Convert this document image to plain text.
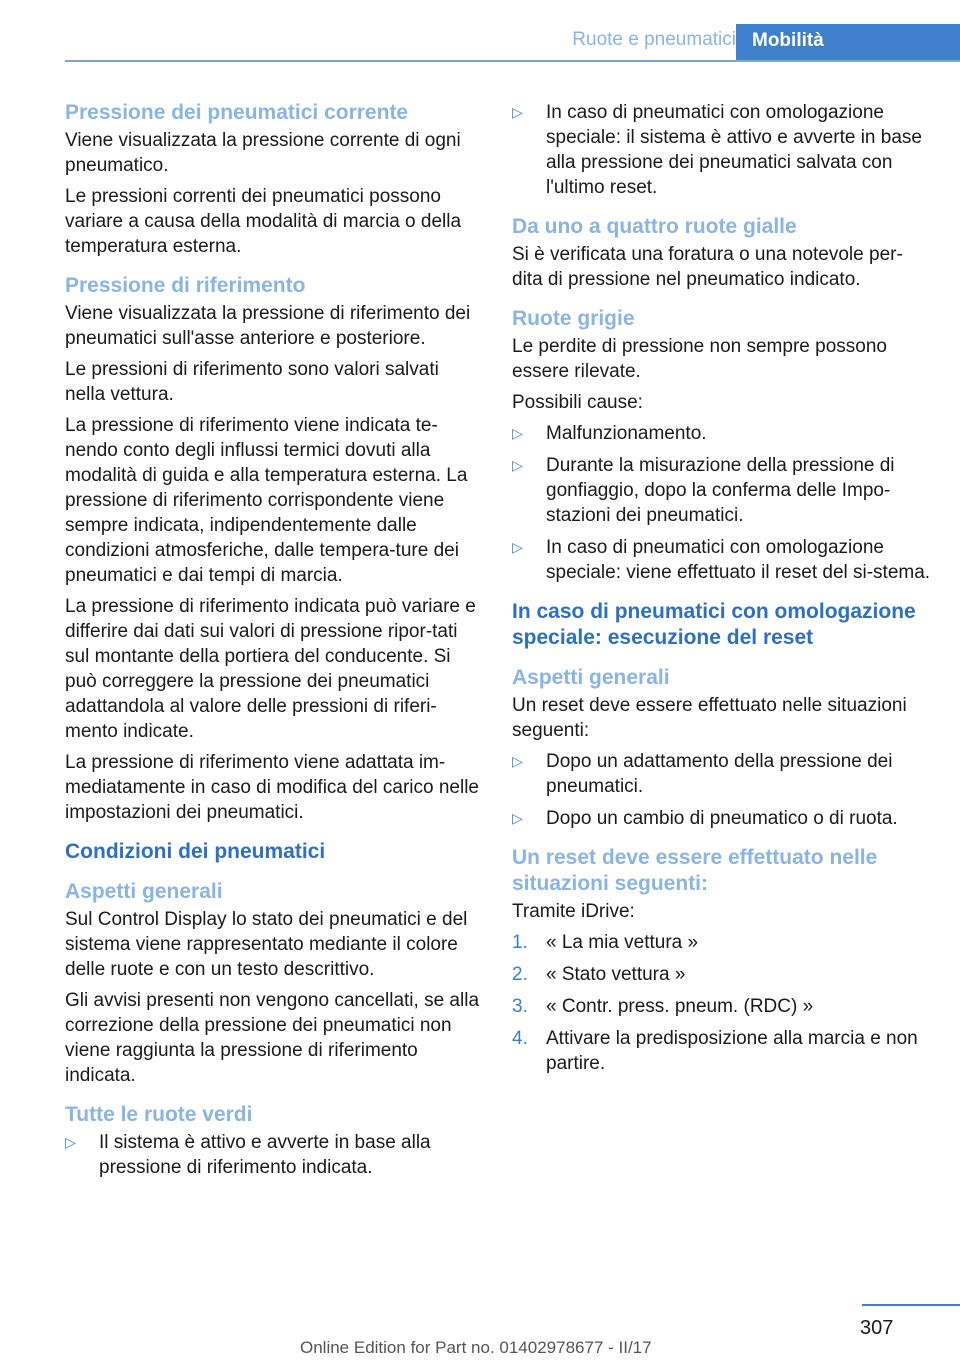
Ruote e pneumatici Mobilità
Pressione dei pneumatici corrente

Viene visualizzata la pressione corrente di ogni pneumatico.

Le pressioni correnti dei pneumatici possono variare a causa della modalità di marcia o della temperatura esterna.

Pressione di riferimento

Viene visualizzata la pressione di riferimento dei pneumatici sull'asse anteriore e posteriore.

Le pressioni di riferimento sono valori salvati nella vettura.

La pressione di riferimento viene indicata te-nendo conto degli influssi termici dovuti alla modalità di guida e alla temperatura esterna. La pressione di riferimento corrispondente viene sempre indicata, indipendentemente dalle condizioni atmosferiche, dalle tempera-ture dei pneumatici e dai tempi di marcia.

La pressione di riferimento indicata può variare e differire dai dati sui valori di pressione ripor-tati sul montante della portiera del conducente. Si può correggere la pressione dei pneumatici adattandola al valore delle pressioni di riferi-mento indicate.

La pressione di riferimento viene adattata im-mediatamente in caso di modifica del carico nelle impostazioni dei pneumatici.

Condizioni dei pneumatici
Aspetti generali

Sul Control Display lo stato dei pneumatici e del sistema viene rappresentato mediante il colore delle ruote e con un testo descrittivo.

Gli avvisi presenti non vengono cancellati, se alla correzione della pressione dei pneumatici non viene raggiunta la pressione di riferimento indicata.

Tutte le ruote verdi
▷ Il sistema è attivo e avverte in base alla pressione di riferimento indicata.
▷ In caso di pneumatici con omologazione speciale: il sistema è attivo e avverte in base alla pressione dei pneumatici salvata con l'ultimo reset.
Da uno a quattro ruote gialle

Si è verificata una foratura o una notevole per-dita di pressione nel pneumatico indicato.

Ruote grigie

Le perdite di pressione non sempre possono essere rilevate.

Possibili cause:

▷ Malfunzionamento.
▷ Durante la misurazione della pressione di gonfiaggio, dopo la conferma delle Impo-stazioni dei pneumatici.
▷ In caso di pneumatici con omologazione speciale: viene effettuato il reset del si-stema.
In caso di pneumatici con omologazione speciale: esecuzione del reset
Aspetti generali

Un reset deve essere effettuato nelle situazioni seguenti:

▷ Dopo un adattamento della pressione dei pneumatici.
▷ Dopo un cambio di pneumatico o di ruota.
Un reset deve essere effettuato nelle situazioni seguenti:

Tramite iDrive:

1. « La mia vettura »
2. « Stato vettura »
3. « Contr. press. pneum. (RDC) »
4. Attivare la predisposizione alla marcia e non partire.
307
Online Edition for Part no. 01402978677 - II/17
